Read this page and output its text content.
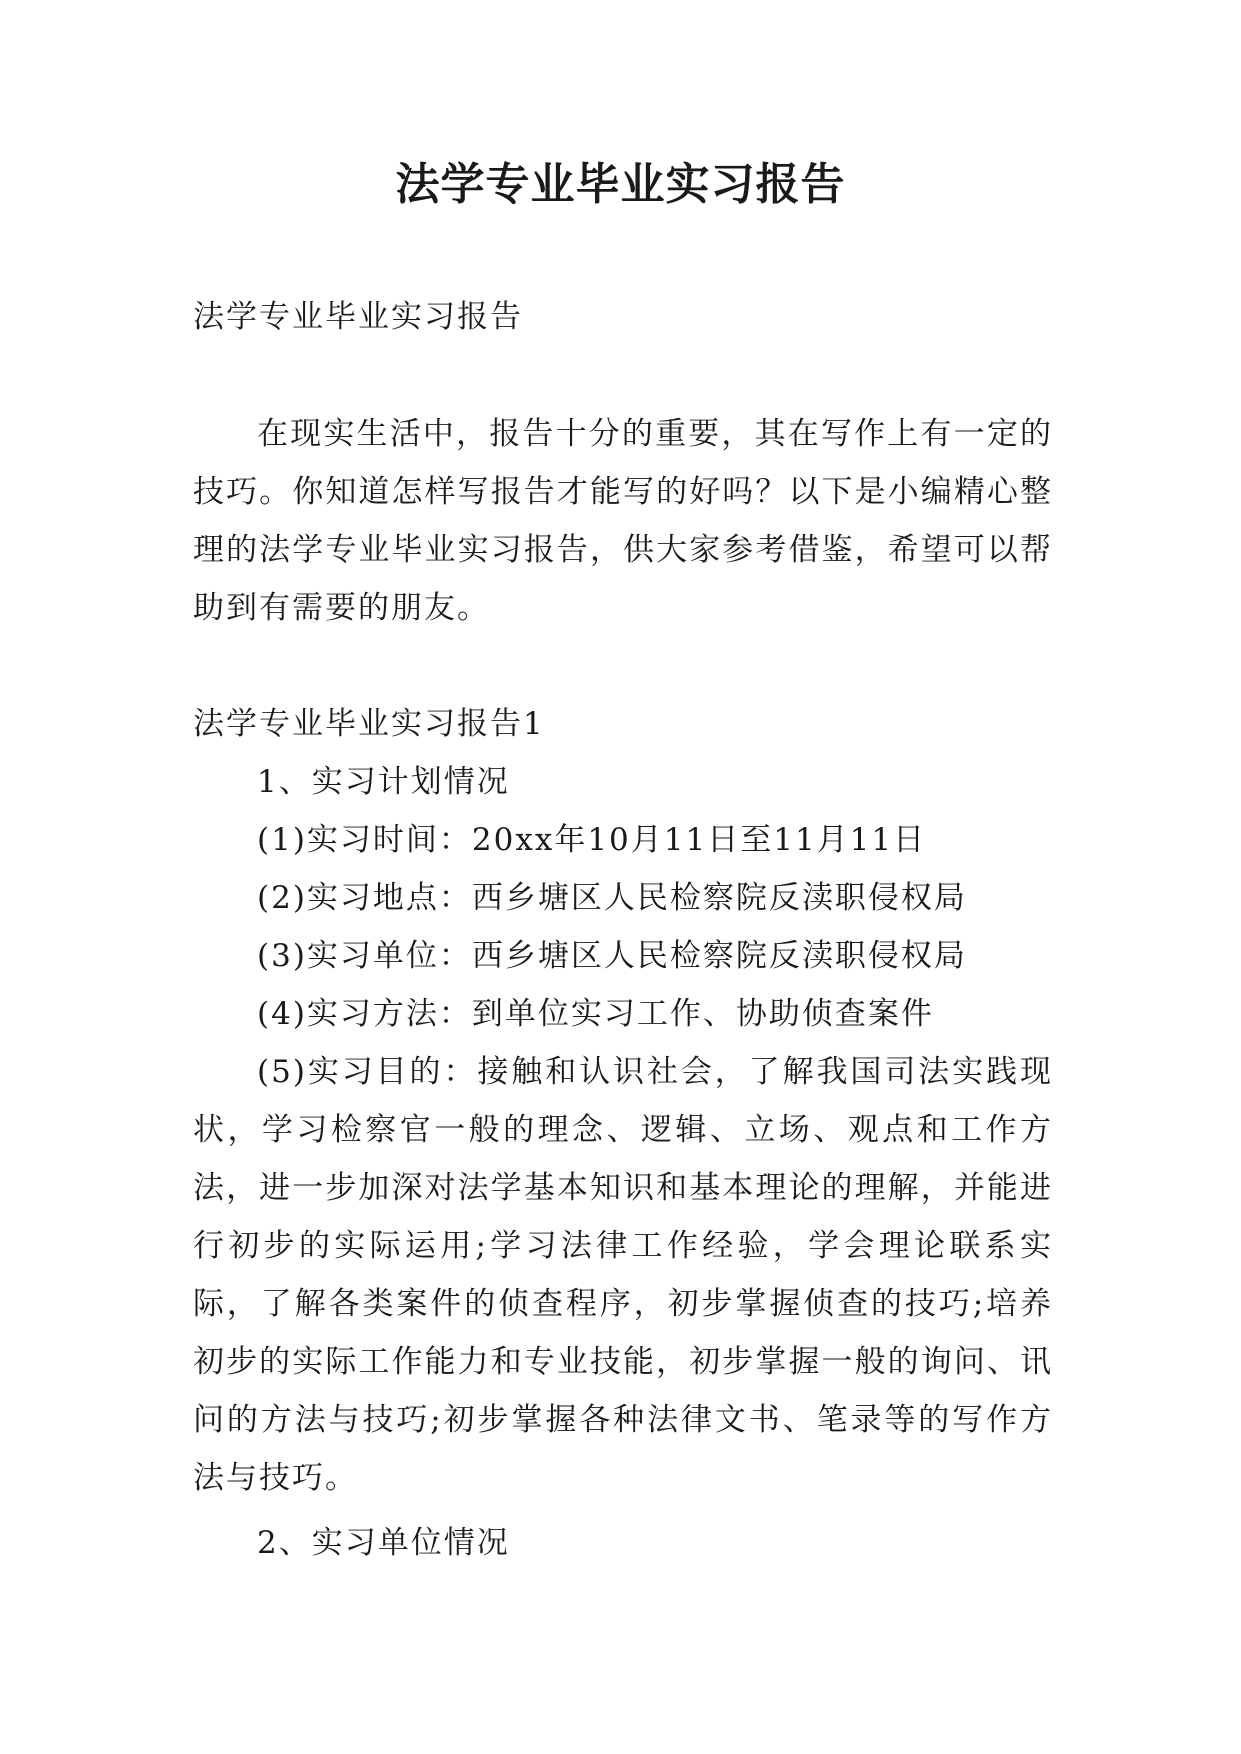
法学专业毕业实习报告
法学专业毕业实习报告
在现实生活中，报告十分的重要，其在写作上有一定的技巧。你知道怎样写报告才能写的好吗？以下是小编精心整理的法学专业毕业实习报告，供大家参考借鉴，希望可以帮助到有需要的朋友。
法学专业毕业实习报告1
1、实习计划情况
(1)实习时间：20xx年10月11日至11月11日
(2)实习地点：西乡塘区人民检察院反渎职侵权局
(3)实习单位：西乡塘区人民检察院反渎职侵权局
(4)实习方法：到单位实习工作、协助侦查案件
(5)实习目的：接触和认识社会，了解我国司法实践现状，学习检察官一般的理念、逻辑、立场、观点和工作方法，进一步加深对法学基本知识和基本理论的理解，并能进行初步的实际运用;学习法律工作经验，学会理论联系实际，了解各类案件的侦查程序，初步掌握侦查的技巧;培养初步的实际工作能力和专业技能，初步掌握一般的询问、讯问的方法与技巧;初步掌握各种法律文书、笔录等的写作方法与技巧。
2、实习单位情况
